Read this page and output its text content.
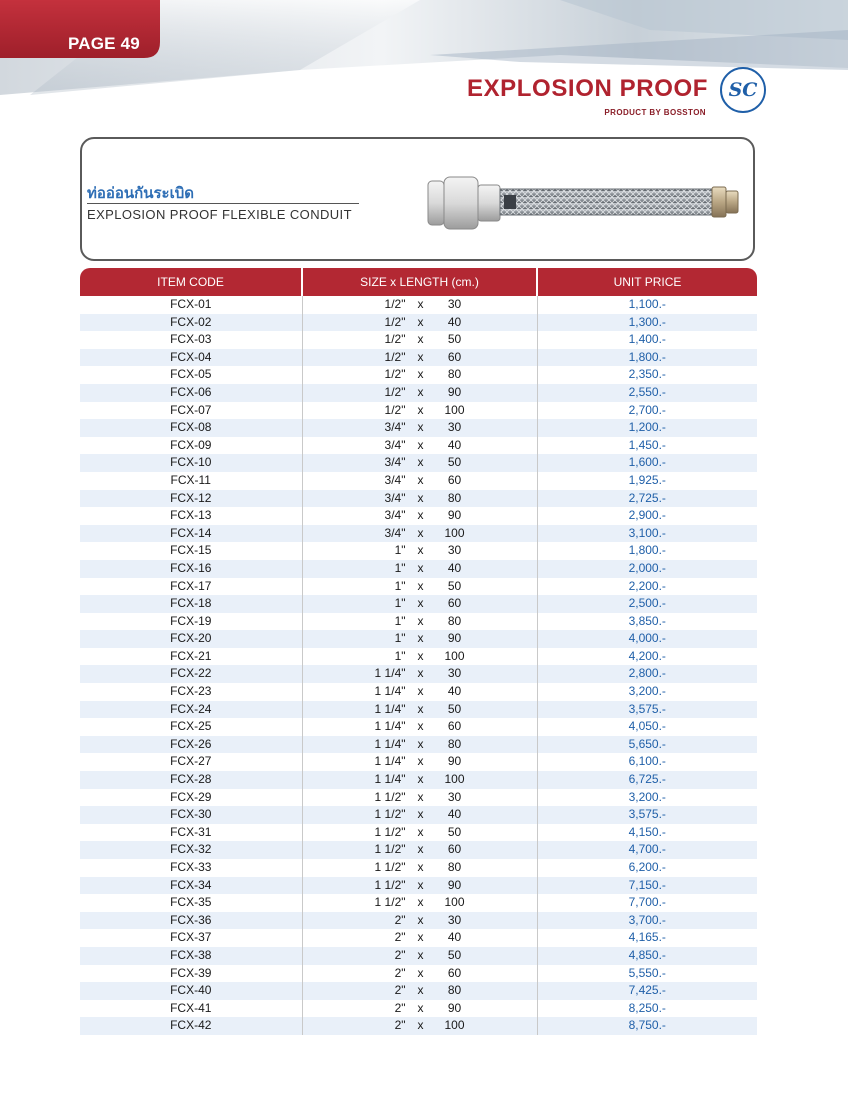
PAGE 49
EXPLOSION PROOF
PRODUCT BY BOSSTON
SC
ท่ออ่อนกันระเบิด
EXPLOSION PROOF FLEXIBLE CONDUIT
ITEM CODE	SIZE x LENGTH (cm.)	UNIT PRICE
FCX-01	1/2" x 30	1,100.-
FCX-02	1/2" x 40	1,300.-
FCX-03	1/2" x 50	1,400.-
FCX-04	1/2" x 60	1,800.-
FCX-05	1/2" x 80	2,350.-
FCX-06	1/2" x 90	2,550.-
FCX-07	1/2" x 100	2,700.-
FCX-08	3/4" x 30	1,200.-
FCX-09	3/4" x 40	1,450.-
FCX-10	3/4" x 50	1,600.-
FCX-11	3/4" x 60	1,925.-
FCX-12	3/4" x 80	2,725.-
FCX-13	3/4" x 90	2,900.-
FCX-14	3/4" x 100	3,100.-
FCX-15	1" x 30	1,800.-
FCX-16	1" x 40	2,000.-
FCX-17	1" x 50	2,200.-
FCX-18	1" x 60	2,500.-
FCX-19	1" x 80	3,850.-
FCX-20	1" x 90	4,000.-
FCX-21	1" x 100	4,200.-
FCX-22	1 1/4" x 30	2,800.-
FCX-23	1 1/4" x 40	3,200.-
FCX-24	1 1/4" x 50	3,575.-
FCX-25	1 1/4" x 60	4,050.-
FCX-26	1 1/4" x 80	5,650.-
FCX-27	1 1/4" x 90	6,100.-
FCX-28	1 1/4" x 100	6,725.-
FCX-29	1 1/2" x 30	3,200.-
FCX-30	1 1/2" x 40	3,575.-
FCX-31	1 1/2" x 50	4,150.-
FCX-32	1 1/2" x 60	4,700.-
FCX-33	1 1/2" x 80	6,200.-
FCX-34	1 1/2" x 90	7,150.-
FCX-35	1 1/2" x 100	7,700.-
FCX-36	2" x 30	3,700.-
FCX-37	2" x 40	4,165.-
FCX-38	2" x 50	4,850.-
FCX-39	2" x 60	5,550.-
FCX-40	2" x 80	7,425.-
FCX-41	2" x 90	8,250.-
FCX-42	2" x 100	8,750.-
